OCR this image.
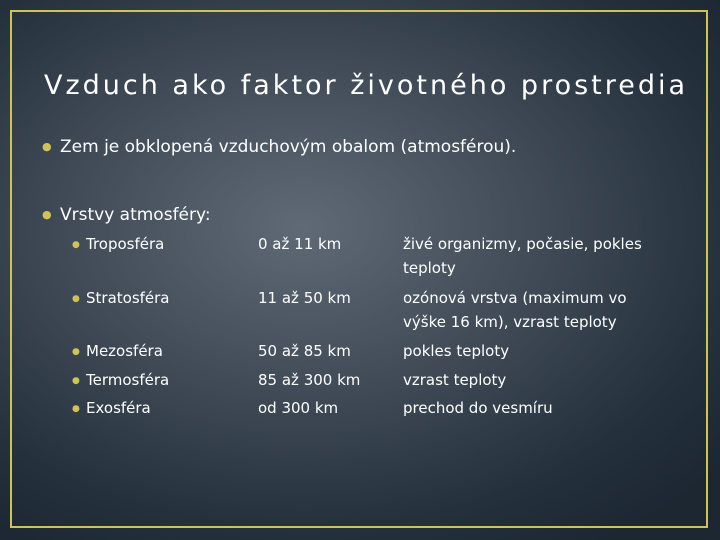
Vzduch ako faktor životného prostredia
● Zem je obklopená vzduchovým obalom (atmosférou).
● Vrstvy atmosféry:
● Troposféra	0 až 11 km	živé organizmy, počasie, pokles teploty
● Stratosféra	11 až 50 km	ozónová vrstva (maximum vo výške 16 km), vzrast teploty
● Mezosféra	50 až 85 km	pokles teploty
● Termosféra	85 až 300 km	vzrast teploty
● Exosféra	od 300 km	prechod do vesmíru
